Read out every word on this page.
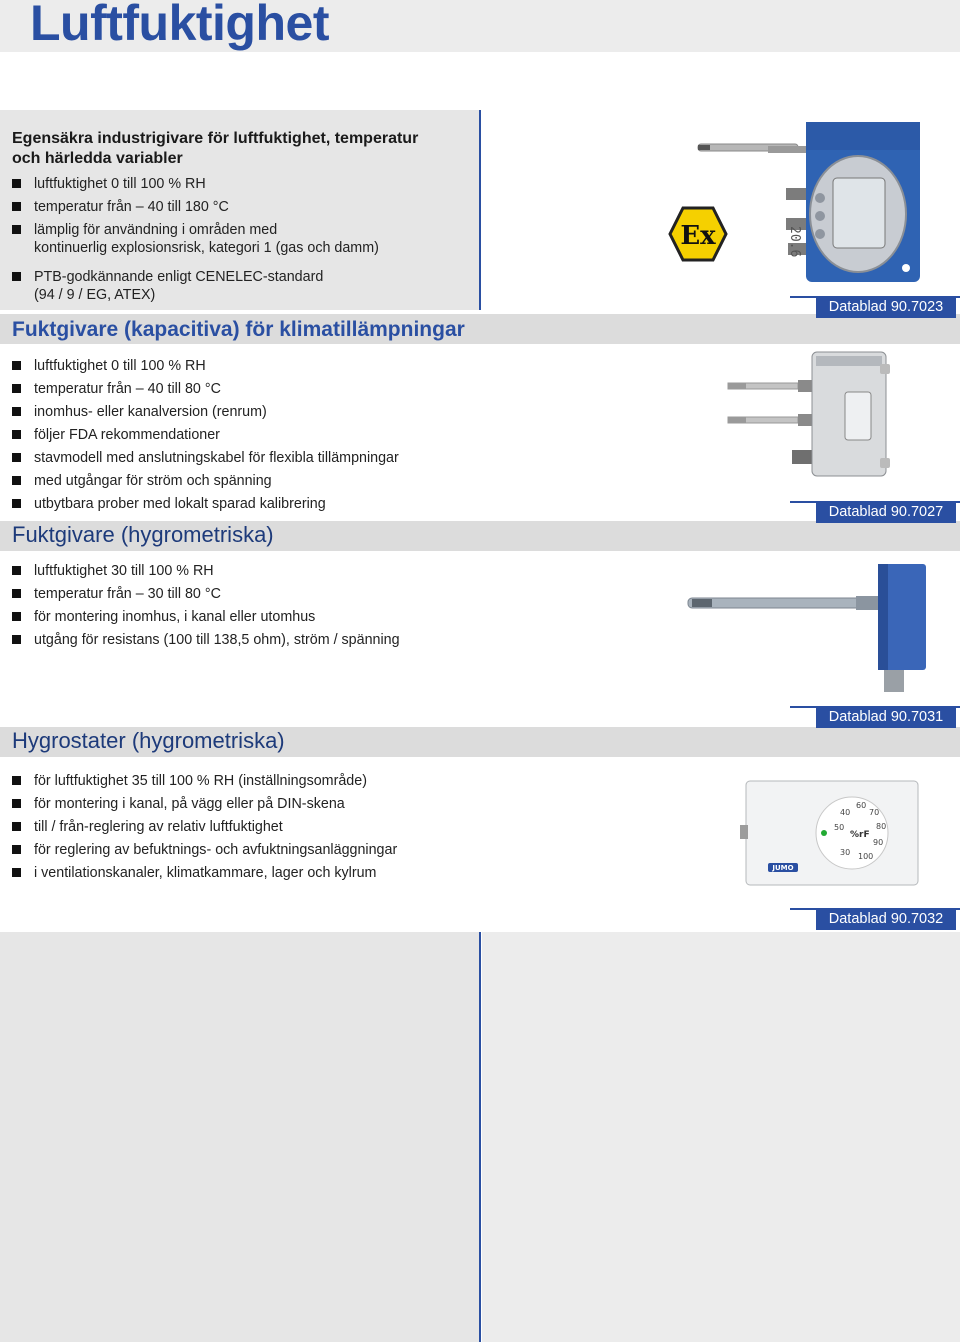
Luftfuktighet
Egensäkra industrigivare för luftfuktighet, temperatur
och härledda variabler
luftfuktighet 0 till 100 % RH
temperatur från – 40 till 180 °C
lämplig för användning i områden med
kontinuerlig explosionsrisk, kategori 1 (gas och damm)
PTB-godkännande enligt CENELEC-standard
(94 / 9 / EG, ATEX)
Ex
Fuktgivare (kapacitiva) för klimatillämpningar
Datablad 90.7023
luftfuktighet 0 till 100 % RH
temperatur från – 40 till 80 °C
inomhus- eller kanalversion (renrum)
följer FDA rekommendationer
stavmodell med anslutningskabel för flexibla tillämpningar
med utgångar för ström och spänning
utbytbara prober med lokalt sparad kalibrering
20.6
Fuktgivare (hygrometriska)
Datablad 90.7027
luftfuktighet 30 till 100 % RH
temperatur från – 30 till 80 °C
för montering inomhus, i kanal eller utomhus
utgång för resistans (100 till 138,5 ohm), ström / spänning
Hygrostater (hygrometriska)
Datablad 90.7031
för luftfuktighet 35 till 100 % RH (inställningsområde)
för montering i kanal, på vägg eller på DIN-skena
till / från-reglering av relativ luftfuktighet
för reglering av befuktnings- och avfuktningsanläggningar
i ventilationskanaler, klimatkammare, lager och kylrum
40
60
70
80
90
100
30
50
%rF
JUMO
Datablad 90.7032
